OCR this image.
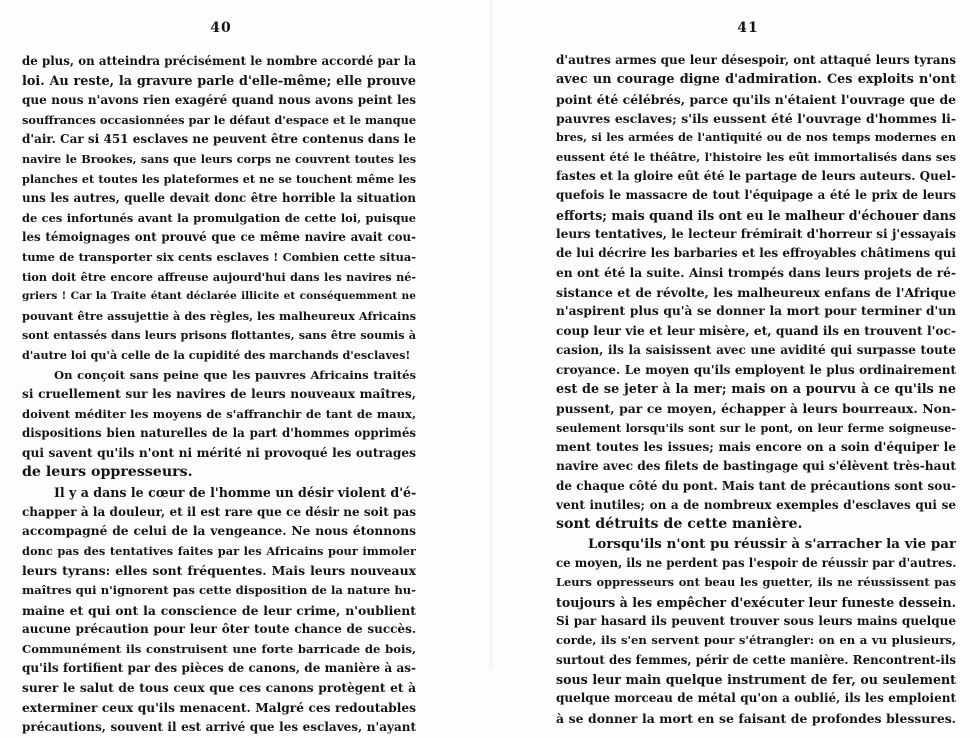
40
de plus, on atteindra précisément le nombre accordé par la
loi. Au reste, la gravure parle d'elle-même; elle prouve
que nous n'avons rien exagéré quand nous avons peint les
souffrances occasionnées par le défaut d'espace et le manque
d'air. Car si 451 esclaves ne peuvent être contenus dans le
navire le Brookes, sans que leurs corps ne couvrent toutes les
planches et toutes les plateformes et ne se touchent même les
uns les autres, quelle devait donc être horrible la situation
de ces infortunés avant la promulgation de cette loi, puisque
les témoignages ont prouvé que ce même navire avait cou-
tume de transporter six cents esclaves ! Combien cette situa-
tion doit être encore affreuse aujourd'hui dans les navires né-
griers ! Car la Traite étant déclarée illicite et conséquemment ne
pouvant être assujettie à des règles, les malheureux Africains
sont entassés dans leurs prisons flottantes, sans être soumis à
d'autre loi qu'à celle de la cupidité des marchands d'esclaves!
On conçoit sans peine que les pauvres Africains traités
si cruellement sur les navires de leurs nouveaux maîtres,
doivent méditer les moyens de s'affranchir de tant de maux,
dispositions bien naturelles de la part d'hommes opprimés
qui savent qu'ils n'ont ni mérité ni provoqué les outrages
de leurs oppresseurs.
Il y a dans le cœur de l'homme un désir violent d'é-
chapper à la douleur, et il est rare que ce désir ne soit pas
accompagné de celui de la vengeance. Ne nous étonnons
donc pas des tentatives faites par les Africains pour immoler
leurs tyrans: elles sont fréquentes. Mais leurs nouveaux
maîtres qui n'ignorent pas cette disposition de la nature hu-
maine et qui ont la conscience de leur crime, n'oublient
aucune précaution pour leur ôter toute chance de succès.
Communément ils construisent une forte barricade de bois,
qu'ils fortifient par des pièces de canons, de manière à as-
surer le salut de tous ceux que ces canons protègent et à
exterminer ceux qu'ils menacent. Malgré ces redoutables
précautions, souvent il est arrivé que les esclaves, n'ayant
41
d'autres armes que leur désespoir, ont attaqué leurs tyrans
avec un courage digne d'admiration. Ces exploits n'ont
point été célébrés, parce qu'ils n'étaient l'ouvrage que de
pauvres esclaves; s'ils eussent été l'ouvrage d'hommes li-
bres, si les armées de l'antiquité ou de nos temps modernes en
eussent été le théâtre, l'histoire les eût immortalisés dans ses
fastes et la gloire eût été le partage de leurs auteurs. Quel-
quefois le massacre de tout l'équipage a été le prix de leurs
efforts; mais quand ils ont eu le malheur d'échouer dans
leurs tentatives, le lecteur frémirait d'horreur si j'essayais
de lui décrire les barbaries et les effroyables châtimens qui
en ont été la suite. Ainsi trompés dans leurs projets de ré-
sistance et de révolte, les malheureux enfans de l'Afrique
n'aspirent plus qu'à se donner la mort pour terminer d'un
coup leur vie et leur misère, et, quand ils en trouvent l'oc-
casion, ils la saisissent avec une avidité qui surpasse toute
croyance. Le moyen qu'ils employent le plus ordinairement
est de se jeter à la mer; mais on a pourvu à ce qu'ils ne
pussent, par ce moyen, échapper à leurs bourreaux. Non-
seulement lorsqu'ils sont sur le pont, on leur ferme soigneuse-
ment toutes les issues; mais encore on a soin d'équiper le
navire avec des filets de bastingage qui s'élèvent très-haut
de chaque côté du pont. Mais tant de précautions sont sou-
vent inutiles; on a de nombreux exemples d'esclaves qui se
sont détruits de cette manière.
Lorsqu'ils n'ont pu réussir à s'arracher la vie par
ce moyen, ils ne perdent pas l'espoir de réussir par d'autres.
Leurs oppresseurs ont beau les guetter, ils ne réussissent pas
toujours à les empêcher d'exécuter leur funeste dessein.
Si par hasard ils peuvent trouver sous leurs mains quelque
corde, ils s'en servent pour s'étrangler: on en a vu plusieurs,
surtout des femmes, périr de cette manière. Rencontrent-ils
sous leur main quelque instrument de fer, ou seulement
quelque morceau de métal qu'on a oublié, ils les emploient
à se donner la mort en se faisant de profondes blessures.
